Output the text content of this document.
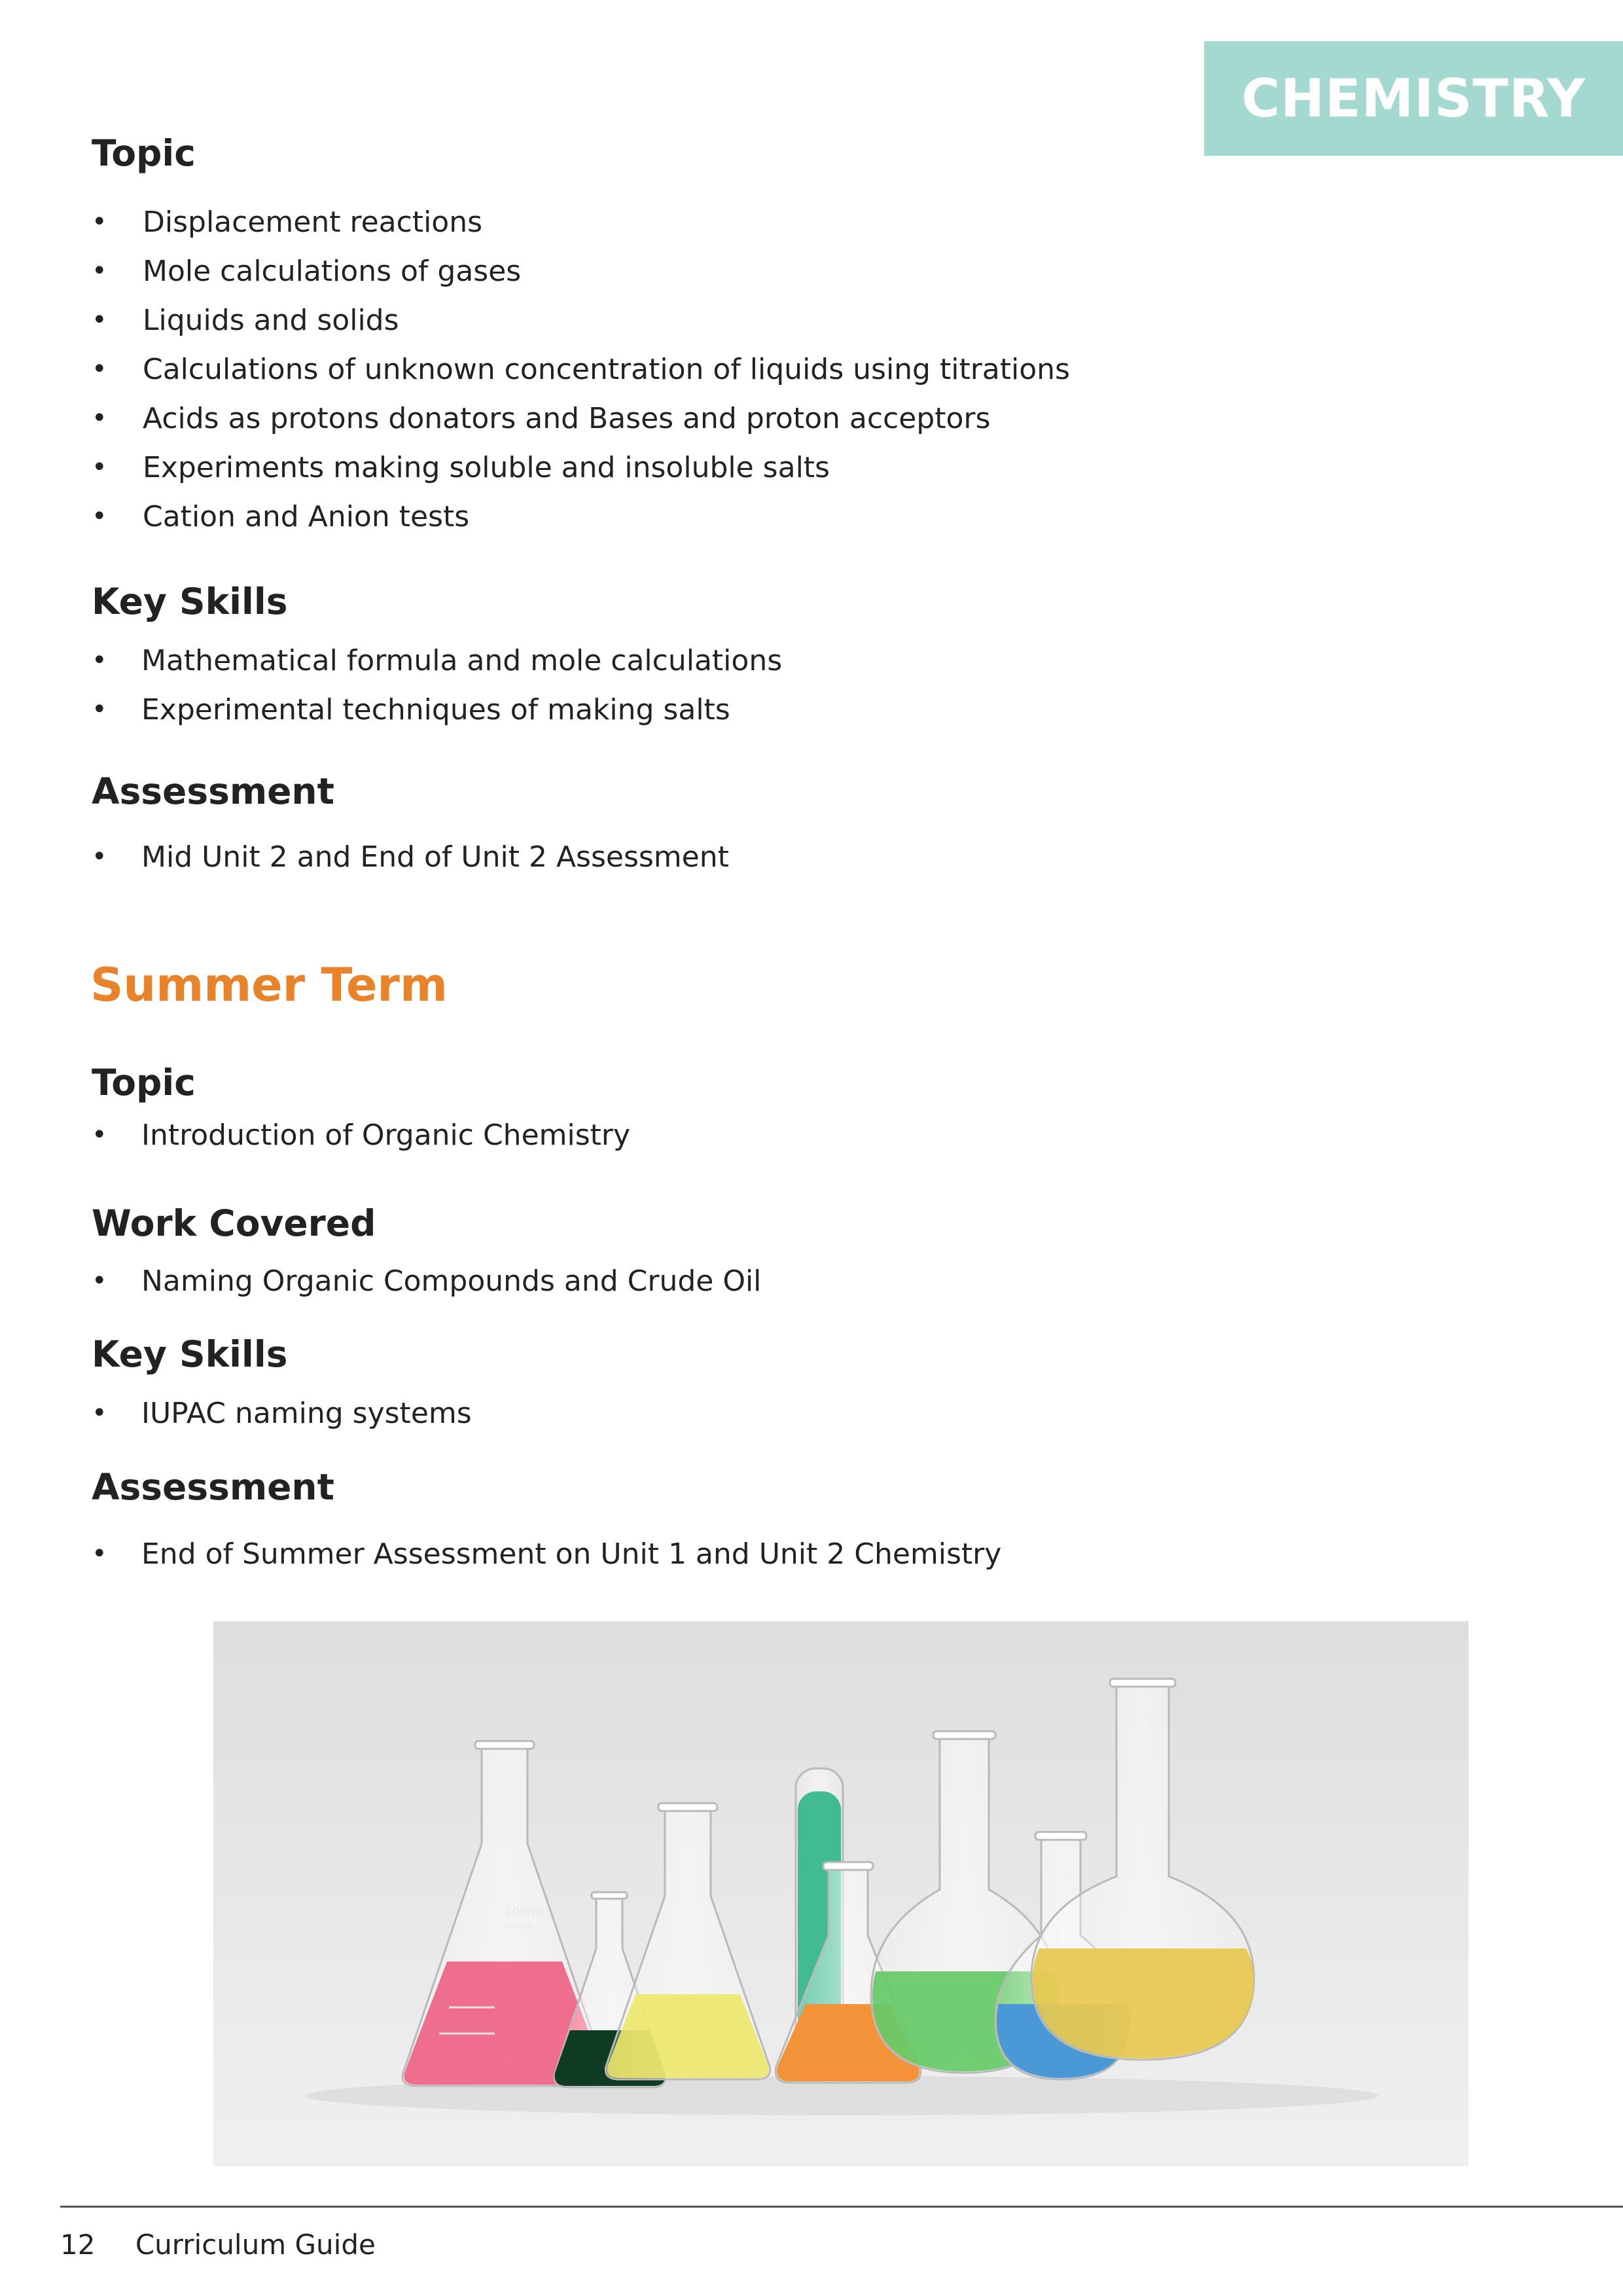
CHEMISTRY
Topic
• Displacement reactions
• Mole calculations of gases
• Liquids and solids
• Calculations of unknown concentration of liquids using titrations
• Acids as protons donators and Bases and proton acceptors
• Experiments making soluble and insoluble salts
• Cation and Anion tests
Key Skills
• Mathematical formula and mole calculations
• Experimental techniques of making salts
Assessment
• Mid Unit 2 and End of Unit 2 Assessment
Summer Term
Topic
• Introduction of Organic Chemistry
Work Covered
• Naming Organic Compounds and Crude Oil
Key Skills
• IUPAC naming systems
Assessment
• End of Summer Assessment on Unit 1 and Unit 2 Chemistry
100ml
APPROX
12 Curriculum Guide
